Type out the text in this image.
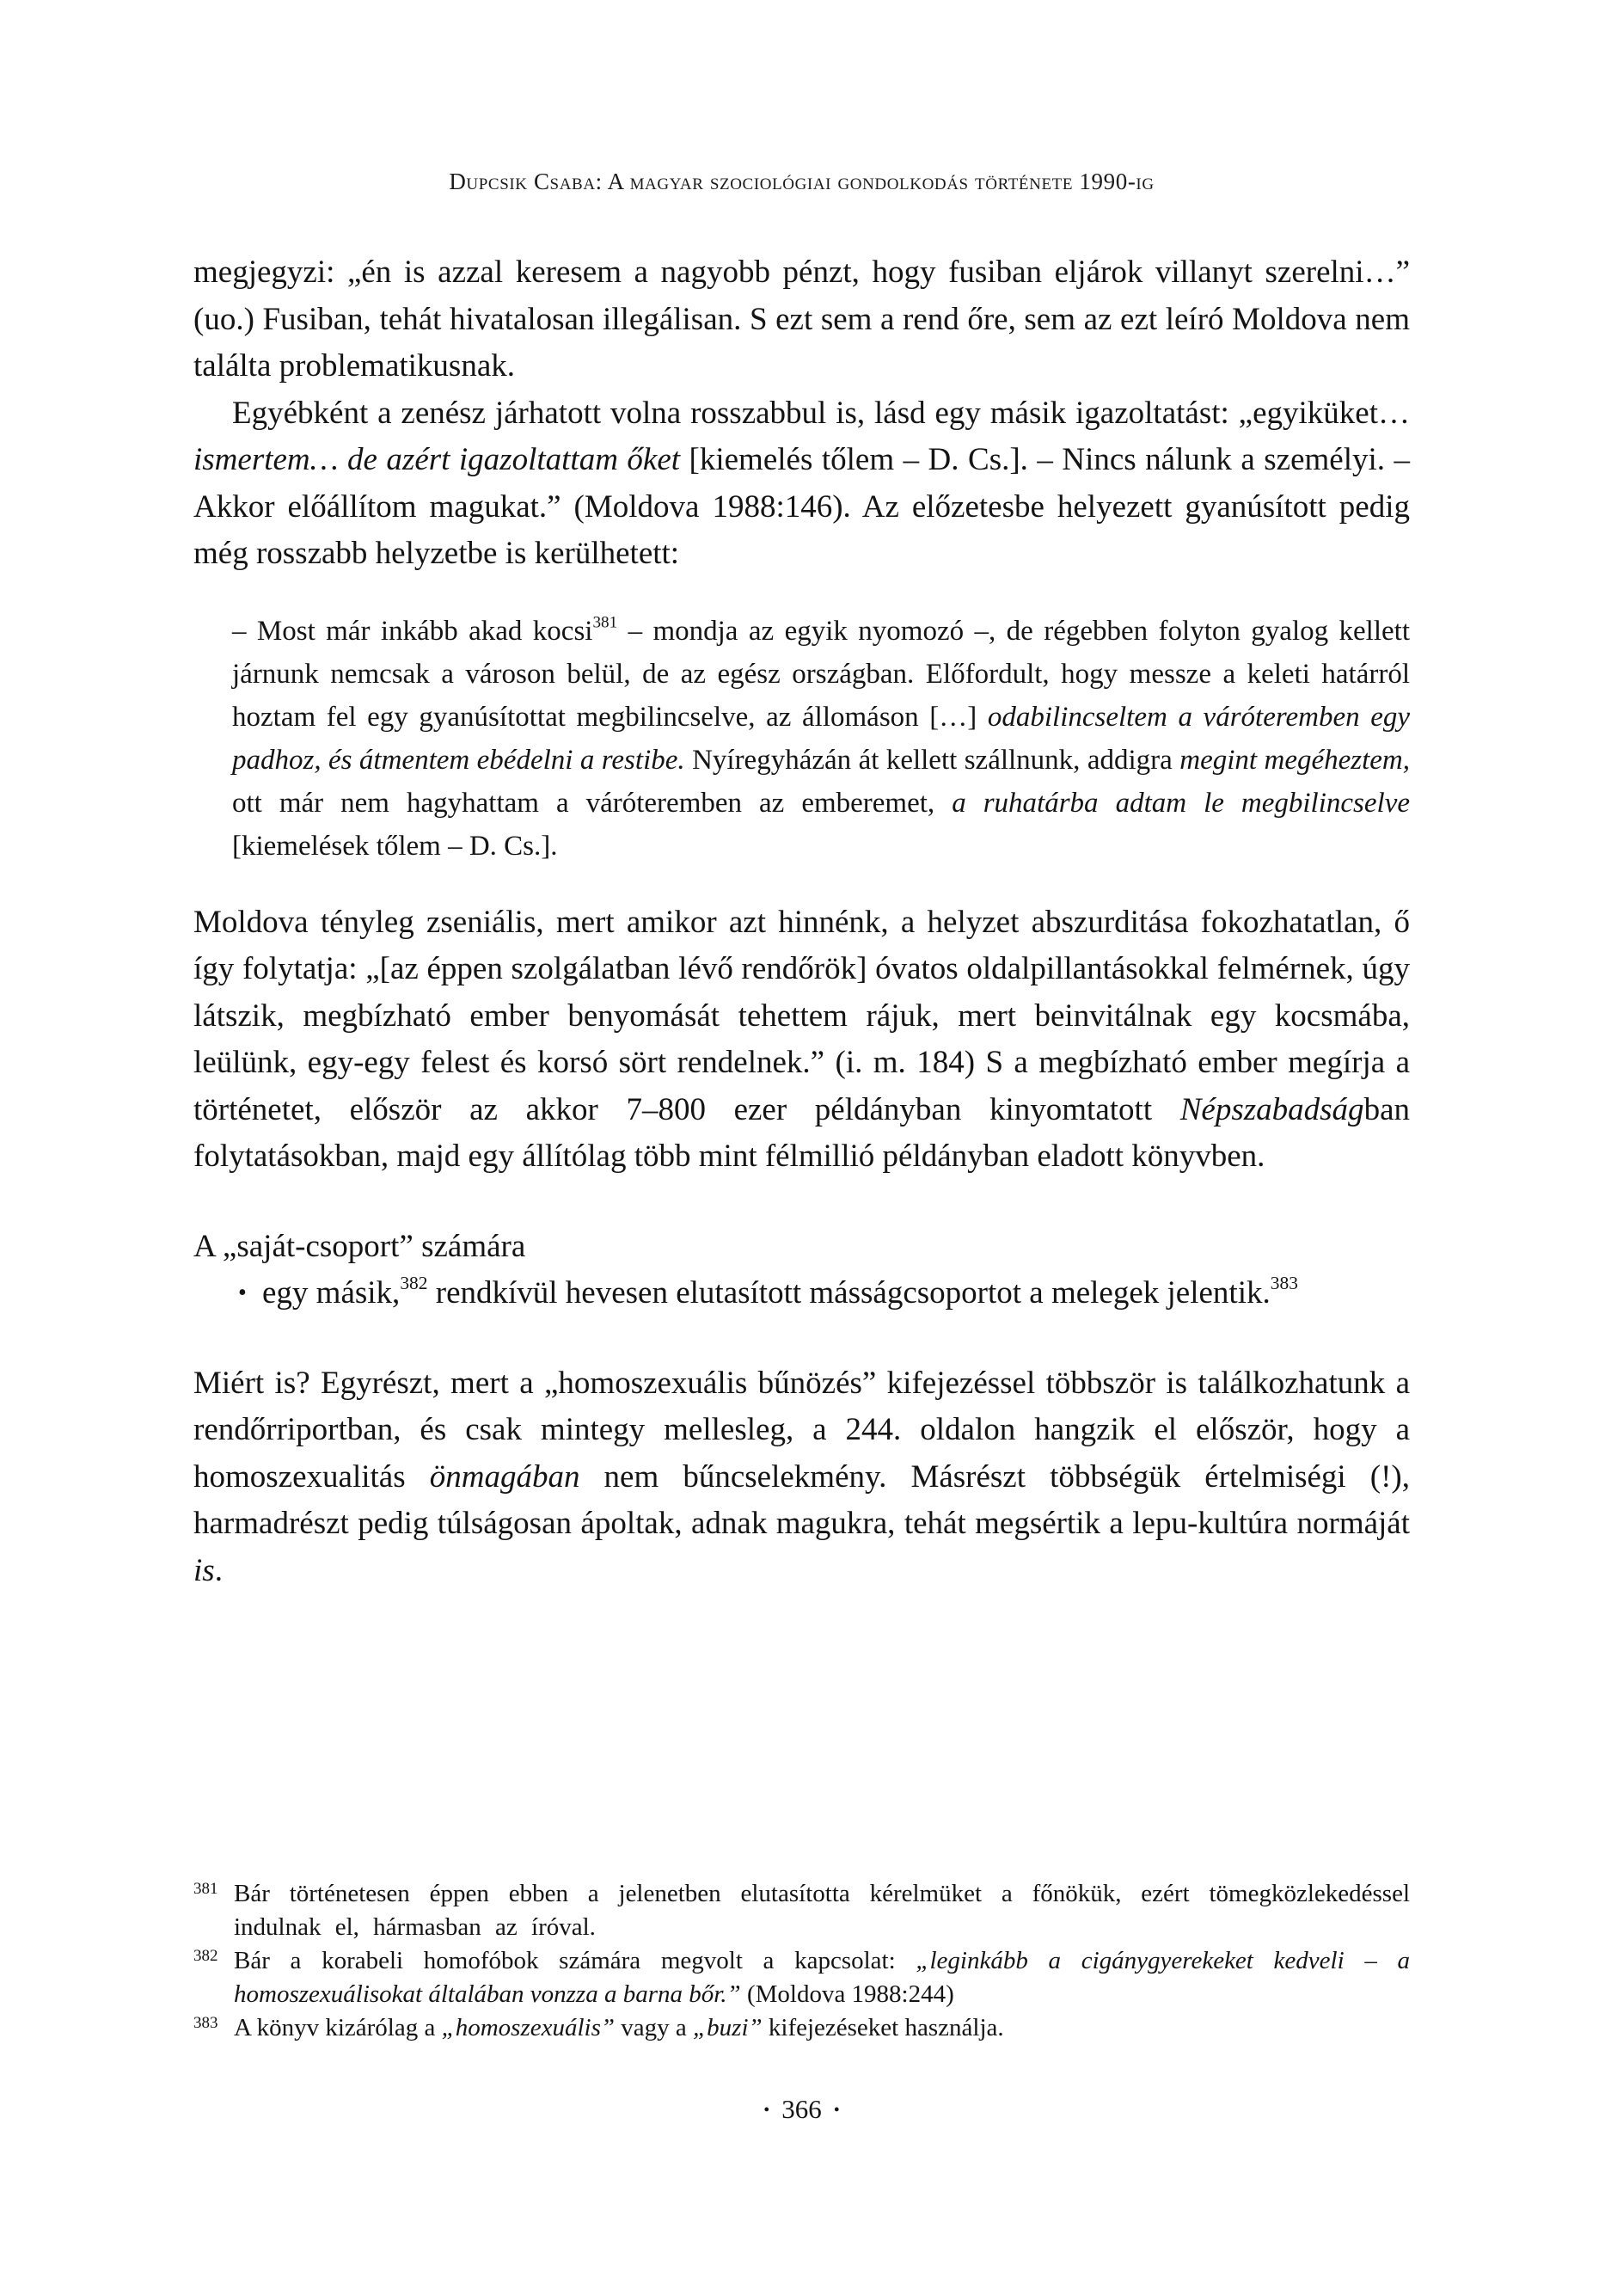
Dupcsik Csaba: A magyar szociológiai gondolkodás története 1990-ig

megjegyzi: „én is azzal keresem a nagyobb pénzt, hogy fusiban eljárok villanyt szerelni…” (uo.) Fusiban, tehát hivatalosan illegálisan. S ezt sem a rend őre, sem az ezt leíró Moldova nem találta problematikusnak.

Egyébként a zenész járhatott volna rosszabbul is, lásd egy másik igazoltatást: „egyiküket… ismertem… de azért igazoltattam őket [kiemelés tőlem – D. Cs.]. – Nincs nálunk a személyi. – Akkor előállítom magukat.” (Moldova 1988:146). Az előzetesbe helyezett gyanúsított pedig még rosszabb helyzetbe is kerülhetett:

– Most már inkább akad kocsi$^{381}$ – mondja az egyik nyomozó –, de régebben folyton gyalog kellett járnunk nemcsak a városon belül, de az egész országban. Előfordult, hogy messze a keleti határról hoztam fel egy gyanúsítottat megbilincselve, az állomáson […] odabilincseltem a váróteremben egy padhoz, és átmentem ebédelni a restibe. Nyíregyházán át kellett szállnunk, addigra megint megéheztem, ott már nem hagyhattam a váróteremben az emberemet, a ruhatárba adtam le megbilincselve [kiemelések tőlem – D. Cs.].

Moldova tényleg zseniális, mert amikor azt hinnénk, a helyzet abszurditása fokozhatatlan, ő így folytatja: „[az éppen szolgálatban lévő rendőrök] óvatos oldalpillantásokkal felmérnek, úgy látszik, megbízható ember benyomását tehettem rájuk, mert beinvitálnak egy kocsmába, leülünk, egy-egy felest és korsó sört rendelnek.” (i. m. 184) S a megbízható ember megírja a történetet, először az akkor 7–800 ezer példányban kinyomtatott Népszabadságban folytatásokban, majd egy állítólag több mint félmillió példányban eladott könyvben.

A „saját-csoport” számára

• egy másik,$^{382}$ rendkívül hevesen elutasított másságcsoportot a melegek jelentik.$^{383}$

Miért is? Egyrészt, mert a „homoszexuális bűnözés” kifejezéssel többször is találkozhatunk a rendőrriportban, és csak mintegy mellesleg, a 244. oldalon hangzik el először, hogy a homoszexualitás önmagában nem bűncselekmény. Másrészt többségük értelmiségi (!), harmadrészt pedig túlságosan ápoltak, adnak magukra, tehát megsértik a lepu-kultúra normáját is.

381 Bár történetesen éppen ebben a jelenetben elutasította kérelmüket a főnökük, ezért tömegközlekedéssel indulnak el, hármasban az íróval.

382 Bár a korabeli homofóbok számára megvolt a kapcsolat: „leginkább a cigánygyerekeket kedveli – a homoszexuálisokat általában vonzza a barna bőr.” (Moldova 1988:244)

383 A könyv kizárólag a „homoszexuális” vagy a „buzi” kifejezéseket használja.

• 366 •
